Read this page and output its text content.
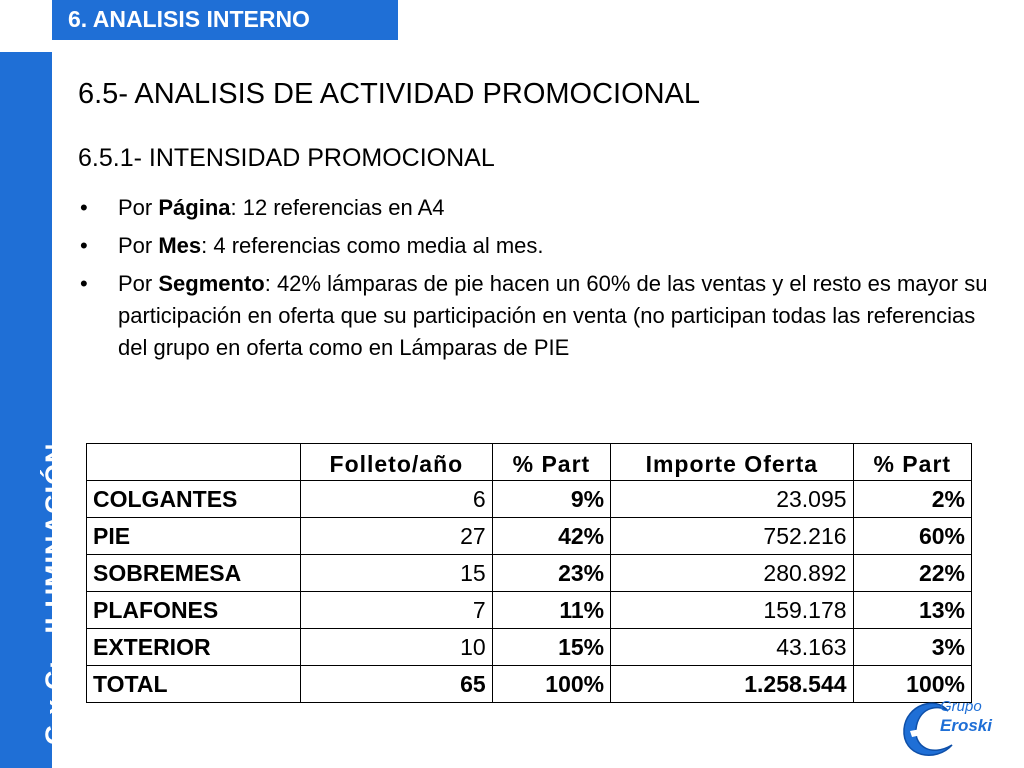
6. ANALISIS INTERNO
G x C:
ILUMINACIÓN
6.5- ANALISIS DE ACTIVIDAD PROMOCIONAL
6.5.1- INTENSIDAD PROMOCIONAL
• Por Página: 12 referencias en A4
• Por Mes: 4 referencias como media al mes.
• Por Segmento: 42% lámparas de pie hacen un 60% de las ventas y el resto es mayor su participación en oferta que su participación en venta (no participan todas las referencias del grupo en oferta como en Lámparas de PIE
	Folleto/año	% Part	Importe Oferta	% Part
COLGANTES	6	9%	23.095	2%
PIE	27	42%	752.216	60%
SOBREMESA	15	23%	280.892	22%
PLAFONES	7	11%	159.178	13%
EXTERIOR	10	15%	43.163	3%
TOTAL	65	100%	1.258.544	100%
Grupo
Eroski
